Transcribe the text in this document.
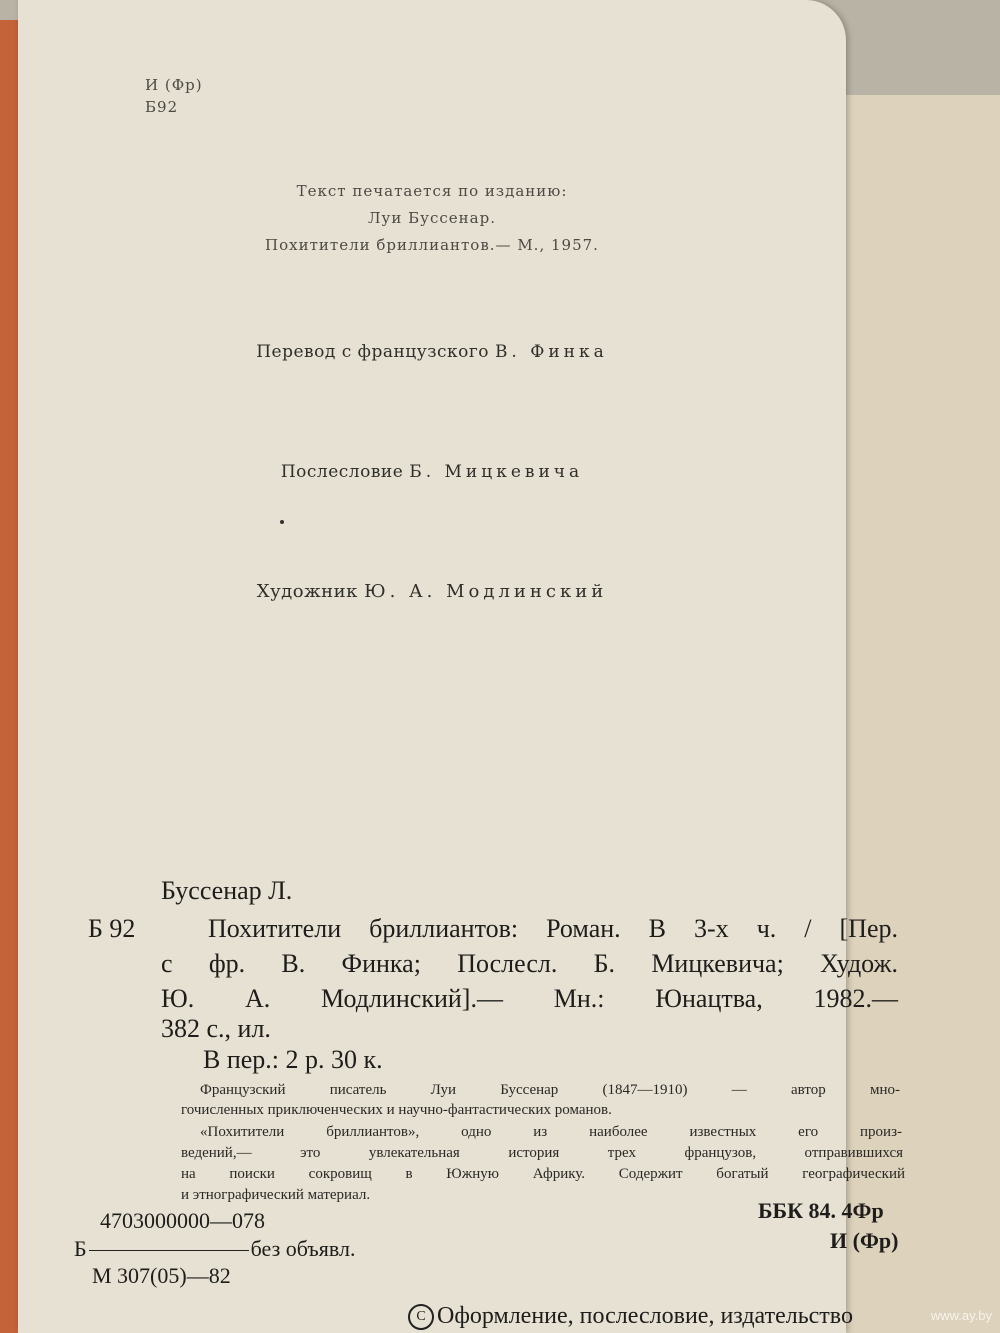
И (Фр)
Б92
Текст печатается по изданию:
Луи Буссенар.
Похитители бриллиантов.— М., 1957.
Перевод с французского В. Финка
Послесловие Б. Мицкевича
Художник Ю. А. Модлинский
Буссенар Л.
Б 92	Похитители бриллиантов: Роман. В 3-х ч. / [Пер.
с фр. В. Финка; Послесл. Б. Мицкевича; Худож.
Ю. А. Модлинский].— Мн.: Юнацтва, 1982.—
382 с., ил.
В пер.: 2 р. 30 к.
Французский писатель Луи Буссенар (1847—1910) — автор мно-
гочисленных приключенческих и научно-фантастических романов.
«Похитители бриллиантов», одно из наиболее известных его произ-
ведений,— это увлекательная история трех французов, отправившихся
на поиски сокровищ в Южную Африку. Содержит богатый географический
и этнографический материал.
4703000000—078
Б	без объявл.
М 307(05)—82
ББК 84. 4Фр
И (Фр)
C Оформление, послесловие, издательство	www.ay.by
